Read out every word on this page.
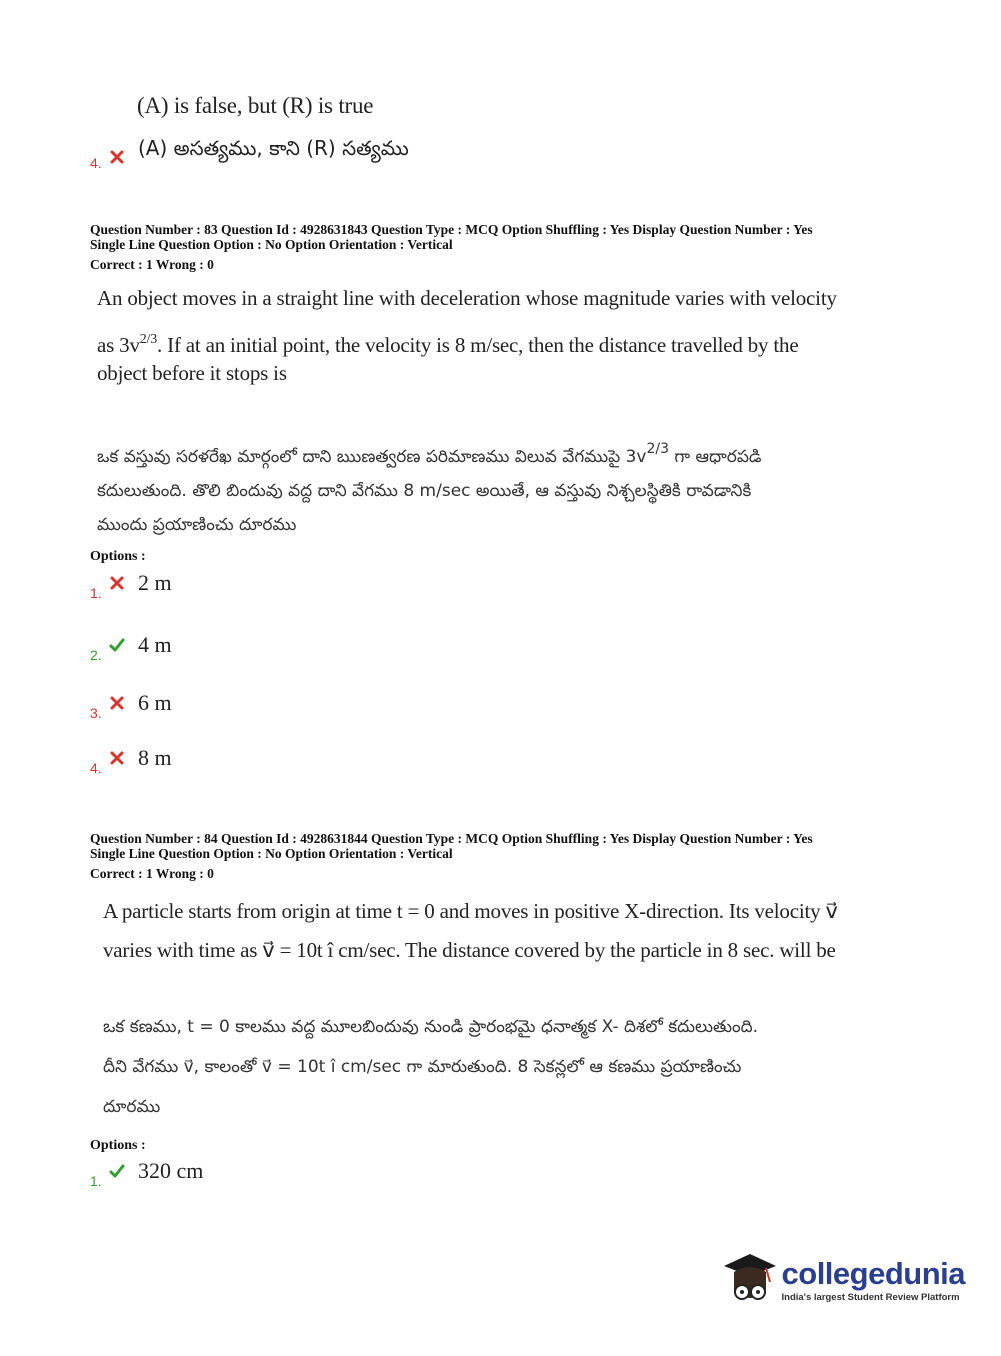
(A) is false, but (R) is true
4.
(A) అసత్యము, కాని (R) సత్యము
Question Number : 83 Question Id : 4928631843 Question Type : MCQ Option Shuffling : Yes Display Question Number : Yes
Single Line Question Option : No Option Orientation : Vertical
Correct : 1 Wrong : 0
An object moves in a straight line with deceleration whose magnitude varies with velocity
as $3v^{2/3}$. If at an initial point, the velocity is 8 m/sec, then the distance travelled by the
object before it stops is
ఒక వస్తువు సరళరేఖ మార్గంలో దాని ఋణత్వరణ పరిమాణము విలువ వేగముపై $3v^{2/3}$ గా ఆధారపడి
కదులుతుంది. తొలి బిందువు వద్ద దాని వేగము 8 m/sec అయితే, ఆ వస్తువు నిశ్చలస్థితికి రావడానికి
ముందు ప్రయాణించు దూరము
Options :
1. 2 m
2. 4 m
3. 6 m
4. 8 m
Question Number : 84 Question Id : 4928631844 Question Type : MCQ Option Shuffling : Yes Display Question Number : Yes
Single Line Question Option : No Option Orientation : Vertical
Correct : 1 Wrong : 0
A particle starts from origin at time t = 0 and moves in positive X-direction. Its velocity v⃗
varies with time as v⃗ = 10t î cm/sec. The distance covered by the particle in 8 sec. will be
ఒక కణము, t = 0 కాలము వద్ద మూలబిందువు నుండి ప్రారంభమై ధనాత్మక X- దిశలో కదులుతుంది.
దీని వేగము v⃗, కాలంతో v⃗ = 10t î cm/sec గా మారుతుంది. 8 సెకన్లలో ఆ కణము ప్రయాణించు
దూరము
Options :
1. 320 cm
collegedunia
India's largest Student Review Platform
